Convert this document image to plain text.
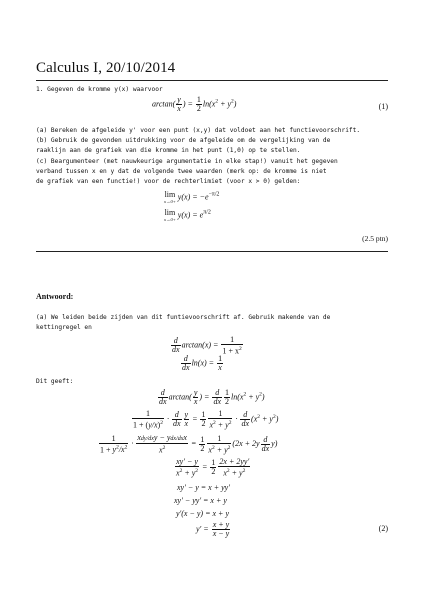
Calculus I, 20/10/2014
1. Gegeven de kromme y(x) waarvoor
$\arctan( \frac{y}{x}$ ) = $\frac{1}{2} \ln(x^2 + y^2)$	(1)
(a) Bereken de afgeleide y' voor een punt (x,y) dat voldoet aan het functievoorschrift.
(b) Gebruik de gevonden uitdrukking voor de afgeleide om de vergelijking van de
raaklijn aan de grafiek van die kromme in het punt (1,0) op te stellen.
(c) Beargumenteer (met nauwkeurige argumentatie in elke stap!) vanuit het gegeven
verband tussen x en y dat de volgende twee waarden (merk op: de kromme is niet
de grafiek van een functie!) voor de rechterlimiet (voor x > 0) gelden:
lim
x→0+
$y(x) = -e^{-\pi/2}$
lim
x→0+
$y(x) = e^{\pi/2}$
(2.5 ptn)
Antwoord:
(a) We leiden beide zijden van dit funtievoorschrift af. Gebruik makende van de
kettingregel en
$\frac{d}{dx} \arctan(x) = \frac{1}{1 + x^2}$
$\frac{d}{dx} \ln(x) = \frac{1}{x}$
Dit geeft:
$\frac{d}{dx} \arctan( \frac{y}{x}$ ) = $\frac{d}{dx} \frac{1}{2} \ln(x^2 + y^2)$
$\frac{1}{1 + (y/x)^2} \cdot \frac{d}{dx} \frac{y}{x} = \frac{1}{2} \frac{1}{x^2 + y^2} \cdot \frac{d}{dx} (x^2 + y^2)$
$\frac{1}{1 + y^2/x^2} \cdot \frac{\text{xdy/dxy − ydx/dxx}}{x^2} = \frac{1}{2} \frac{1}{x^2 + y^2} (2x + 2y \frac{d}{dx} y)$
$\frac{xy' - y}{x^2 + y^2} = \frac{1}{2} \frac{2x + 2yy'}{x^2 + y^2}$
xy' − y = x + yy'
xy' − yy' = x + y
y'(x − y) = x + y
$y' = \frac{x + y}{x - y}$	(2)
